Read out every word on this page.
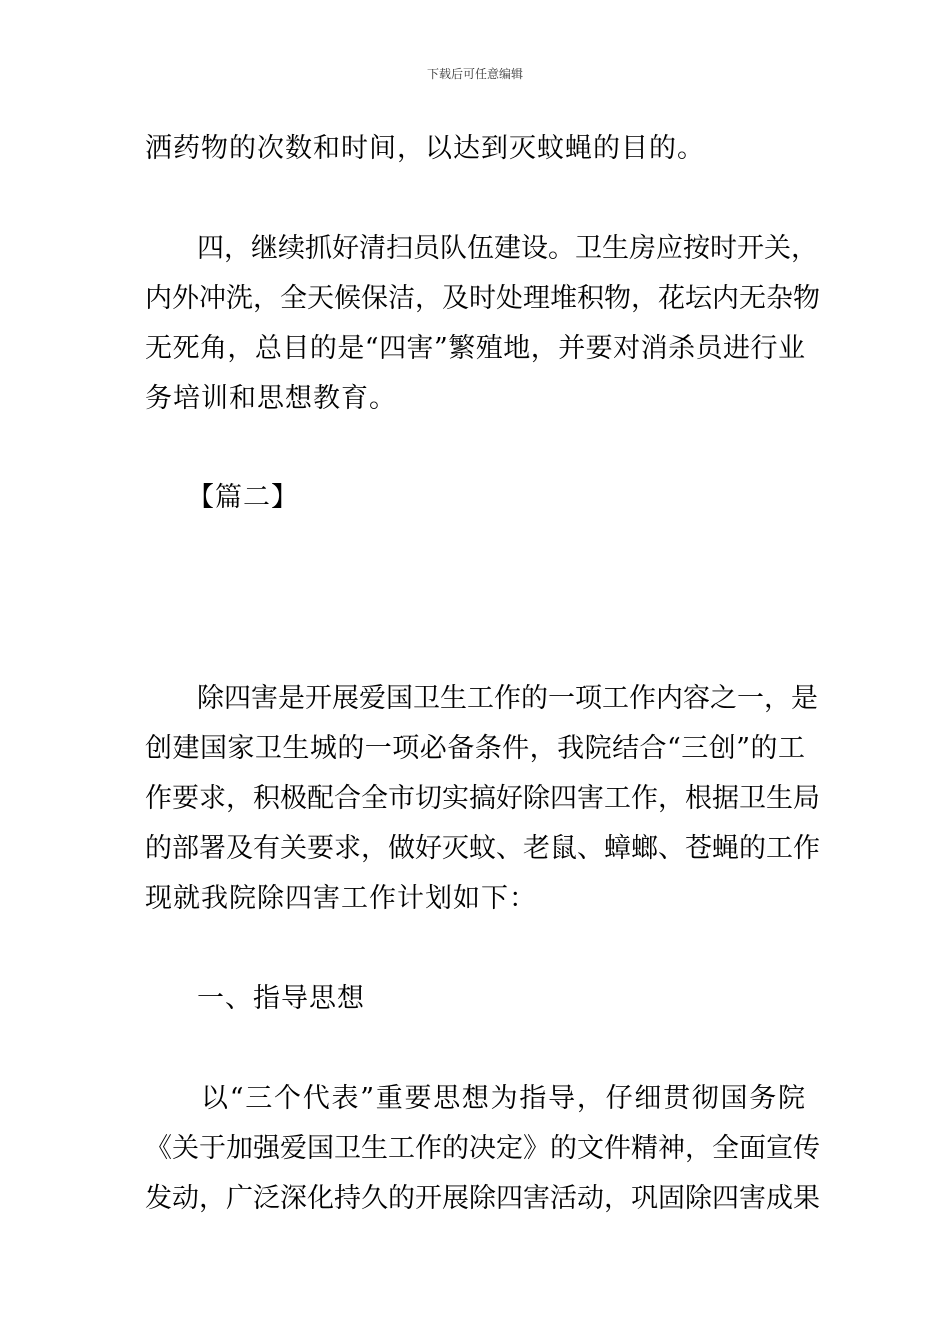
下载后可任意编辑
洒药物的次数和时间，以达到灭蚊蝇的目的。
四，继续抓好清扫员队伍建设。卫生房应按时开关，
内外冲洗，全天候保洁，及时处理堆积物，花坛内无杂物
无死角，总目的是“四害”繁殖地，并要对消杀员进行业
务培训和思想教育。
【篇二】
除四害是开展爱国卫生工作的一项工作内容之一，是
创建国家卫生城的一项必备条件，我院结合“三创”的工
作要求，积极配合全市切实搞好除四害工作，根据卫生局
的部署及有关要求，做好灭蚊、老鼠、蟑螂、苍蝇的工作
现就我院除四害工作计划如下：
一、指导思想
以“三个代表”重要思想为指导，仔细贯彻国务院
《关于加强爱国卫生工作的决定》的文件精神，全面宣传
发动，广泛深化持久的开展除四害活动，巩固除四害成果
